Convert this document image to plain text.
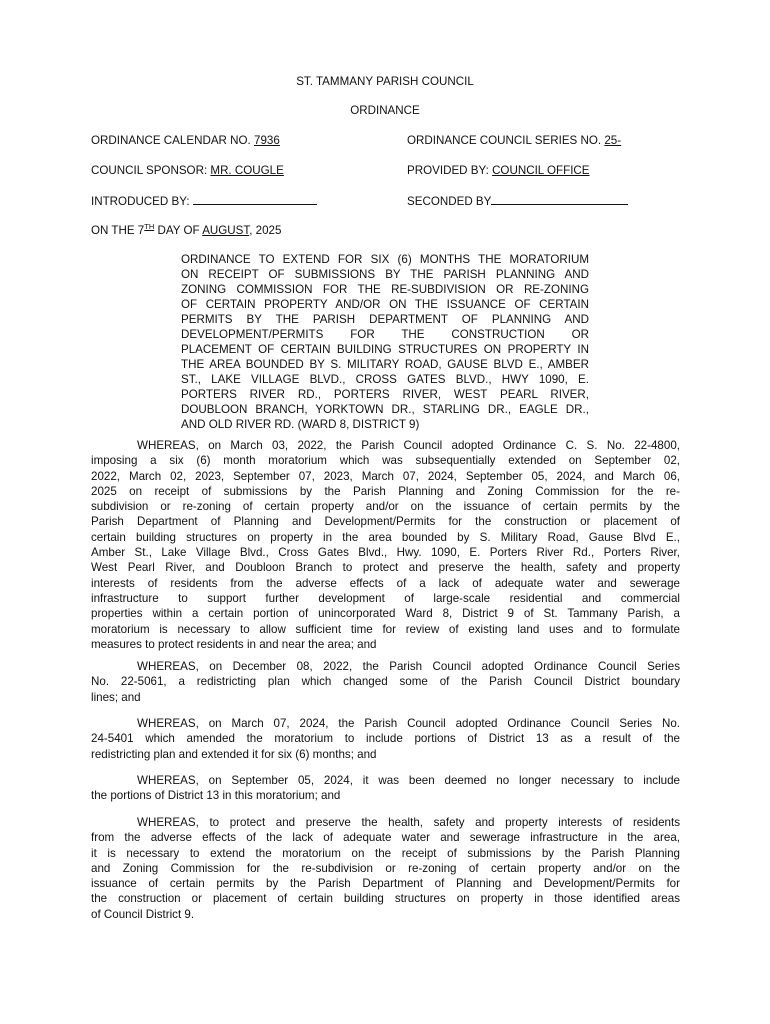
ST. TAMMANY PARISH COUNCIL
ORDINANCE
ORDINANCE CALENDAR NO. 7936	ORDINANCE COUNCIL SERIES NO. 25-
COUNCIL SPONSOR: MR. COUGLE	PROVIDED BY: COUNCIL OFFICE
INTRODUCED BY:	SECONDED BY
ON THE 7TH DAY OF AUGUST, 2025
ORDINANCE TO EXTEND FOR SIX (6) MONTHS THE MORATORIUM
ON RECEIPT OF SUBMISSIONS BY THE PARISH PLANNING AND
ZONING COMMISSION FOR THE RE-SUBDIVISION OR RE-ZONING
OF CERTAIN PROPERTY AND/OR ON THE ISSUANCE OF CERTAIN
PERMITS BY THE PARISH DEPARTMENT OF PLANNING AND
DEVELOPMENT/PERMITS FOR THE CONSTRUCTION OR
PLACEMENT OF CERTAIN BUILDING STRUCTURES ON PROPERTY IN
THE AREA BOUNDED BY S. MILITARY ROAD, GAUSE BLVD E., AMBER
ST., LAKE VILLAGE BLVD., CROSS GATES BLVD., HWY 1090, E.
PORTERS RIVER RD., PORTERS RIVER, WEST PEARL RIVER,
DOUBLOON BRANCH, YORKTOWN DR., STARLING DR., EAGLE DR.,
AND OLD RIVER RD. (WARD 8, DISTRICT 9)
WHEREAS, on March 03, 2022, the Parish Council adopted Ordinance C. S. No. 22-4800,
imposing a six (6) month moratorium which was subsequentially extended on September 02,
2022, March 02, 2023, September 07, 2023, March 07, 2024, September 05, 2024, and March 06,
2025 on receipt of submissions by the Parish Planning and Zoning Commission for the re-
subdivision or re-zoning of certain property and/or on the issuance of certain permits by the
Parish Department of Planning and Development/Permits for the construction or placement of
certain building structures on property in the area bounded by S. Military Road, Gause Blvd E.,
Amber St., Lake Village Blvd., Cross Gates Blvd., Hwy. 1090, E. Porters River Rd., Porters River,
West Pearl River, and Doubloon Branch to protect and preserve the health, safety and property
interests of residents from the adverse effects of a lack of adequate water and sewerage
infrastructure to support further development of large-scale residential and commercial
properties within a certain portion of unincorporated Ward 8, District 9 of St. Tammany Parish, a
moratorium is necessary to allow sufficient time for review of existing land uses and to formulate
measures to protect residents in and near the area; and
WHEREAS, on December 08, 2022, the Parish Council adopted Ordinance Council Series
No. 22-5061, a redistricting plan which changed some of the Parish Council District boundary
lines; and
WHEREAS, on March 07, 2024, the Parish Council adopted Ordinance Council Series No.
24-5401 which amended the moratorium to include portions of District 13 as a result of the
redistricting plan and extended it for six (6) months; and
WHEREAS, on September 05, 2024, it was been deemed no longer necessary to include
the portions of District 13 in this moratorium; and
WHEREAS, to protect and preserve the health, safety and property interests of residents
from the adverse effects of the lack of adequate water and sewerage infrastructure in the area,
it is necessary to extend the moratorium on the receipt of submissions by the Parish Planning
and Zoning Commission for the re-subdivision or re-zoning of certain property and/or on the
issuance of certain permits by the Parish Department of Planning and Development/Permits for
the construction or placement of certain building structures on property in those identified areas
of Council District 9.
